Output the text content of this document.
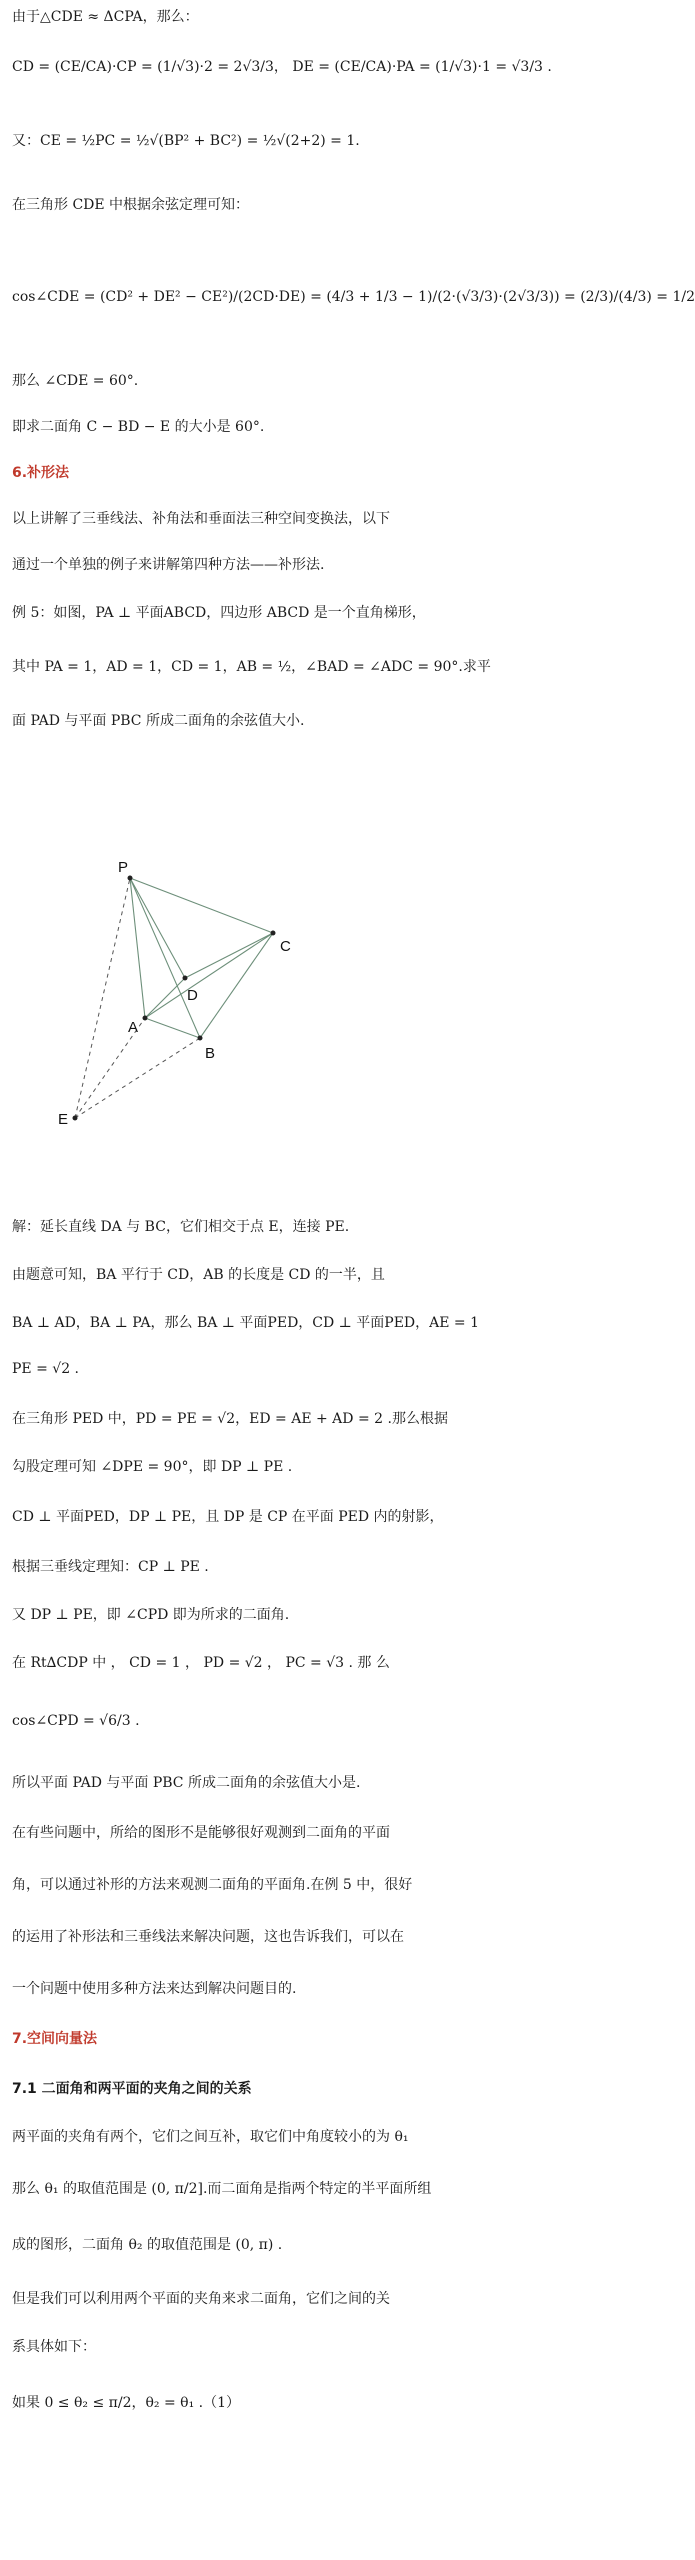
由于△CDE ≈ ΔCPA，那么：
CD = (CE/CA)·CP = (1/√3)·2 = 2√3/3， DE = (CE/CA)·PA = (1/√3)·1 = √3/3 .
又：CE = ½PC = ½√(BP² + BC²) = ½√(2+2) = 1.
在三角形 CDE 中根据余弦定理可知：
cos∠CDE = (CD² + DE² − CE²)/(2CD·DE) = (4/3 + 1/3 − 1)/(2·(√3/3)·(2√3/3)) = (2/3)/(4/3) = 1/2
那么 ∠CDE = 60°.
即求二面角 C − BD − E 的大小是 60°.
6.补形法
以上讲解了三垂线法、补角法和垂面法三种空间变换法，以下
通过一个单独的例子来讲解第四种方法——补形法.
例 5：如图，PA ⊥ 平面ABCD，四边形 ABCD 是一个直角梯形，
其中 PA = 1，AD = 1，CD = 1，AB = ½，∠BAD = ∠ADC = 90°.求平
面 PAD 与平面 PBC 所成二面角的余弦值大小.
P
D
C
A
B
E
解：延长直线 DA 与 BC，它们相交于点 E，连接 PE.
由题意可知，BA 平行于 CD，AB 的长度是 CD 的一半，且
BA ⊥ AD，BA ⊥ PA，那么 BA ⊥ 平面PED，CD ⊥ 平面PED，AE = 1
PE = √2 .
在三角形 PED 中，PD = PE = √2，ED = AE + AD = 2 .那么根据
勾股定理可知 ∠DPE = 90°，即 DP ⊥ PE .
CD ⊥ 平面PED，DP ⊥ PE，且 DP 是 CP 在平面 PED 内的射影，
根据三垂线定理知：CP ⊥ PE .
又 DP ⊥ PE，即 ∠CPD 即为所求的二面角.
在 Rt∆CDP 中 ， CD = 1 ， PD = √2 ， PC = √3 . 那 么
cos∠CPD = √6/3 .
所以平面 PAD 与平面 PBC 所成二面角的余弦值大小是.
在有些问题中，所给的图形不是能够很好观测到二面角的平面
角，可以通过补形的方法来观测二面角的平面角.在例 5 中，很好
的运用了补形法和三垂线法来解决问题，这也告诉我们，可以在
一个问题中使用多种方法来达到解决问题目的.
7.空间向量法
7.1 二面角和两平面的夹角之间的关系
两平面的夹角有两个，它们之间互补，取它们中角度较小的为 θ₁
那么 θ₁ 的取值范围是 (0, π/2].而二面角是指两个特定的半平面所组
成的图形，二面角 θ₂ 的取值范围是 (0, π) .
但是我们可以利用两个平面的夹角来求二面角，它们之间的关
系具体如下：
如果 0 ≤ θ₂ ≤ π/2，θ₂ = θ₁ .（1）
